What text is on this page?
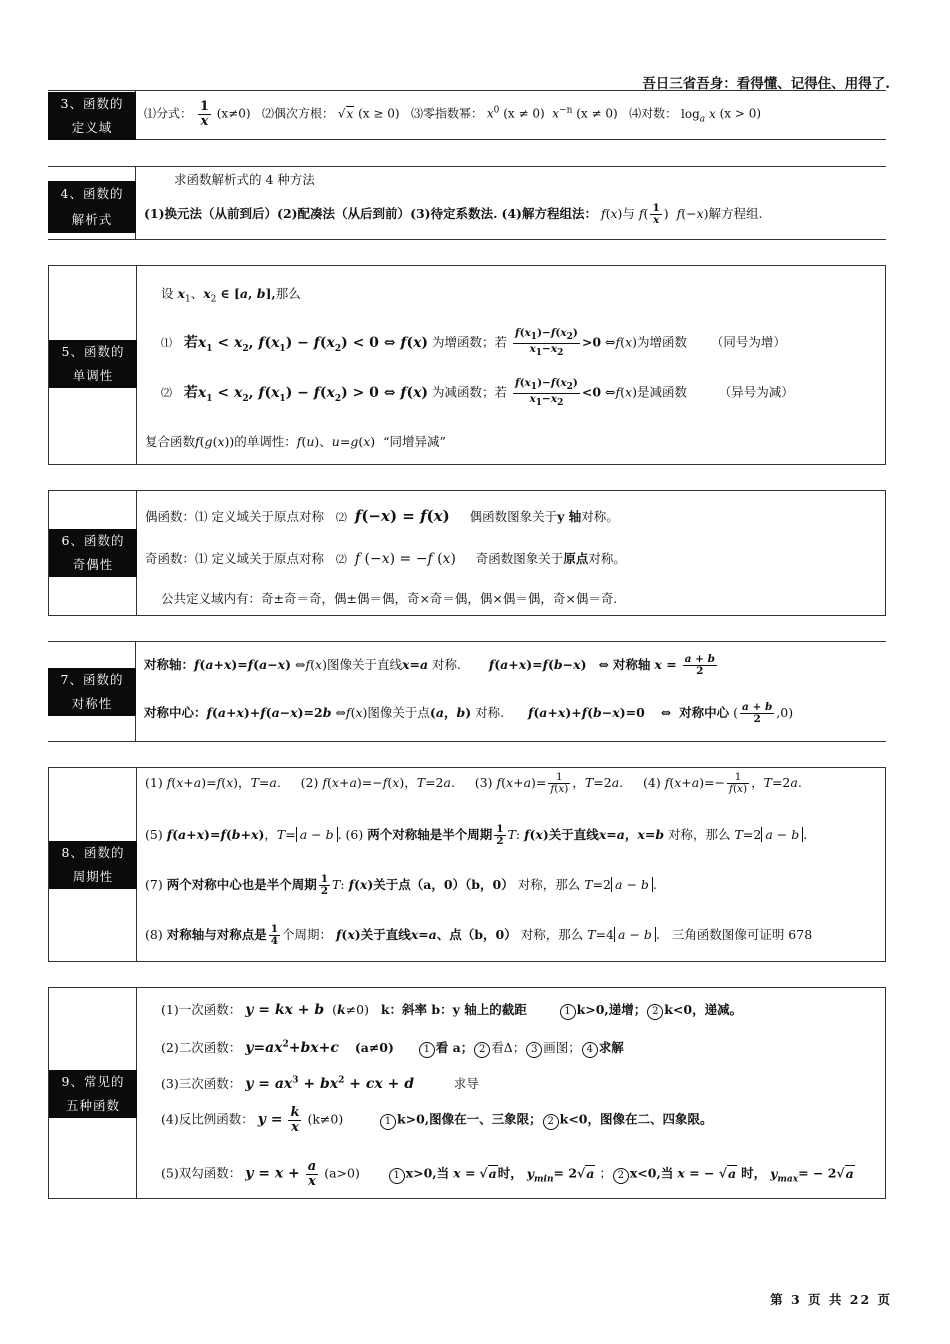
吾日三省吾身：看得懂、记得住、用得了.
3、函数的
定义域
⑴分式： $\frac{1}{x} (x\ne 0)$ ⑵偶次方根： √x (x ≥ 0) ⑶零指数幂： $x^0$ (x ≠ 0) $x^{-n}$ (x ≠ 0) ⑷对数： $\log_a x$ (x > 0)
4、函数的
解析式
求函数解析式的 4 种方法
(1)换元法（从前到后）(2)配凑法（从后到前）(3)待定系数法. (4)解方程组法： f(x)与 $f( \frac{1}{x}$ )  f(−x)解方程组.
5、函数的
单调性
设 $x_1$、$x_2$ ∈ [a, b],那么
⑴ 若$x_1 < x_2$, $f(x_1) - f(x_2) < 0$ ⇔ f(x) 为增函数；若 $\frac{f(x_1)-f(x_2)}{x_1-x_2} >0$ ⇔f(x)为增函数 （同号为增）
⑵ 若$x_1 < x_2$, $f(x_1) - f(x_2) > 0$ ⇔ f(x) 为减函数；若 $\frac{f(x_1)-f(x_2)}{x_1-x_2} <0$ ⇔f(x)是减函数	（异号为减）
复合函数f(g(x))的单调性：f(u)、u=g(x)  “同增异减”
6、函数的
奇偶性
偶函数：⑴ 定义域关于原点对称 ⑵ f(−x) = f(x) 偶函数图象关于y 轴对称。
奇函数：⑴ 定义域关于原点对称 ⑵ f (−x) = −f (x) 奇函数图象关于原点对称。
公共定义域内有：奇±奇＝奇，偶±偶＝偶，奇×奇＝偶，偶×偶＝偶，奇×偶＝奇.
7、函数的
对称性
对称轴：f(a+x)=f(a−x) ⇔f(x)图像关于直线x=a 对称. f(a+x)=f(b−x) ⇔ 对称轴 $x = \frac{a + b}{2}$
对称中心：f(a+x)+f(a−x)=2b ⇔f(x)图像关于点(a，b) 对称. f(a+x)+f(b−x)=0 ⇔ 对称中心 ( $\frac{a + b}{2} ,0$)
8、函数的
周期性
(1) f(x+a)=f(x)，T=a.     (2) f(x+a)=−f(x)，T=2a.     (3) $f(x+a)= \frac{1}{f(x)}$ ，T=2a.     (4) $f(x+a)=- \frac{1}{f(x)}$ ，T=2a.
(5) f(a+x)=f(b+x)，T= a − b . (6) 两个对称轴是半个周期 $\frac{1}{2} T$: f(x)关于直线x=a，x=b 对称，那么 T=2 a − b .
(7) 两个对称中心也是半个周期 $\frac{1}{2} T$: f(x)关于点（a，0）（b，0） 对称，那么 T=2 a − b .
(8) 对称轴与对称点是 $\frac{1}{4}$ 个周期： f(x)关于直线x=a、点（b，0） 对称，那么 T=4 a − b .   三角函数图像可证明 678
9、常见的
五种函数
(1)一次函数： y = kx + b  (k≠0)   k：斜率 b：y 轴上的截距	1 k>0,递增； 2 k<0，递减。
(2)二次函数： $y=ax^2+bx+c$ (a≠0)	1 看 a； 2 看Δ； 3 画图； 4 求解
(3)三次函数： $y = ax^3 + bx^2$ + cx + d	求导
(4)反比例函数： $y = \frac{k}{x} (k\ne 0)$	1 k>0,图像在一、三象限； 2 k<0，图像在二、四象限。
(5)双勾函数： $y = x + \frac{a}{x} (a>0)$	1 x>0,当 x = √a时， $y_{min}= 2√a$ ； 2 x<0,当 x = − √a 时， $y_{max}= - 2√a$
第 3 页 共 22 页
